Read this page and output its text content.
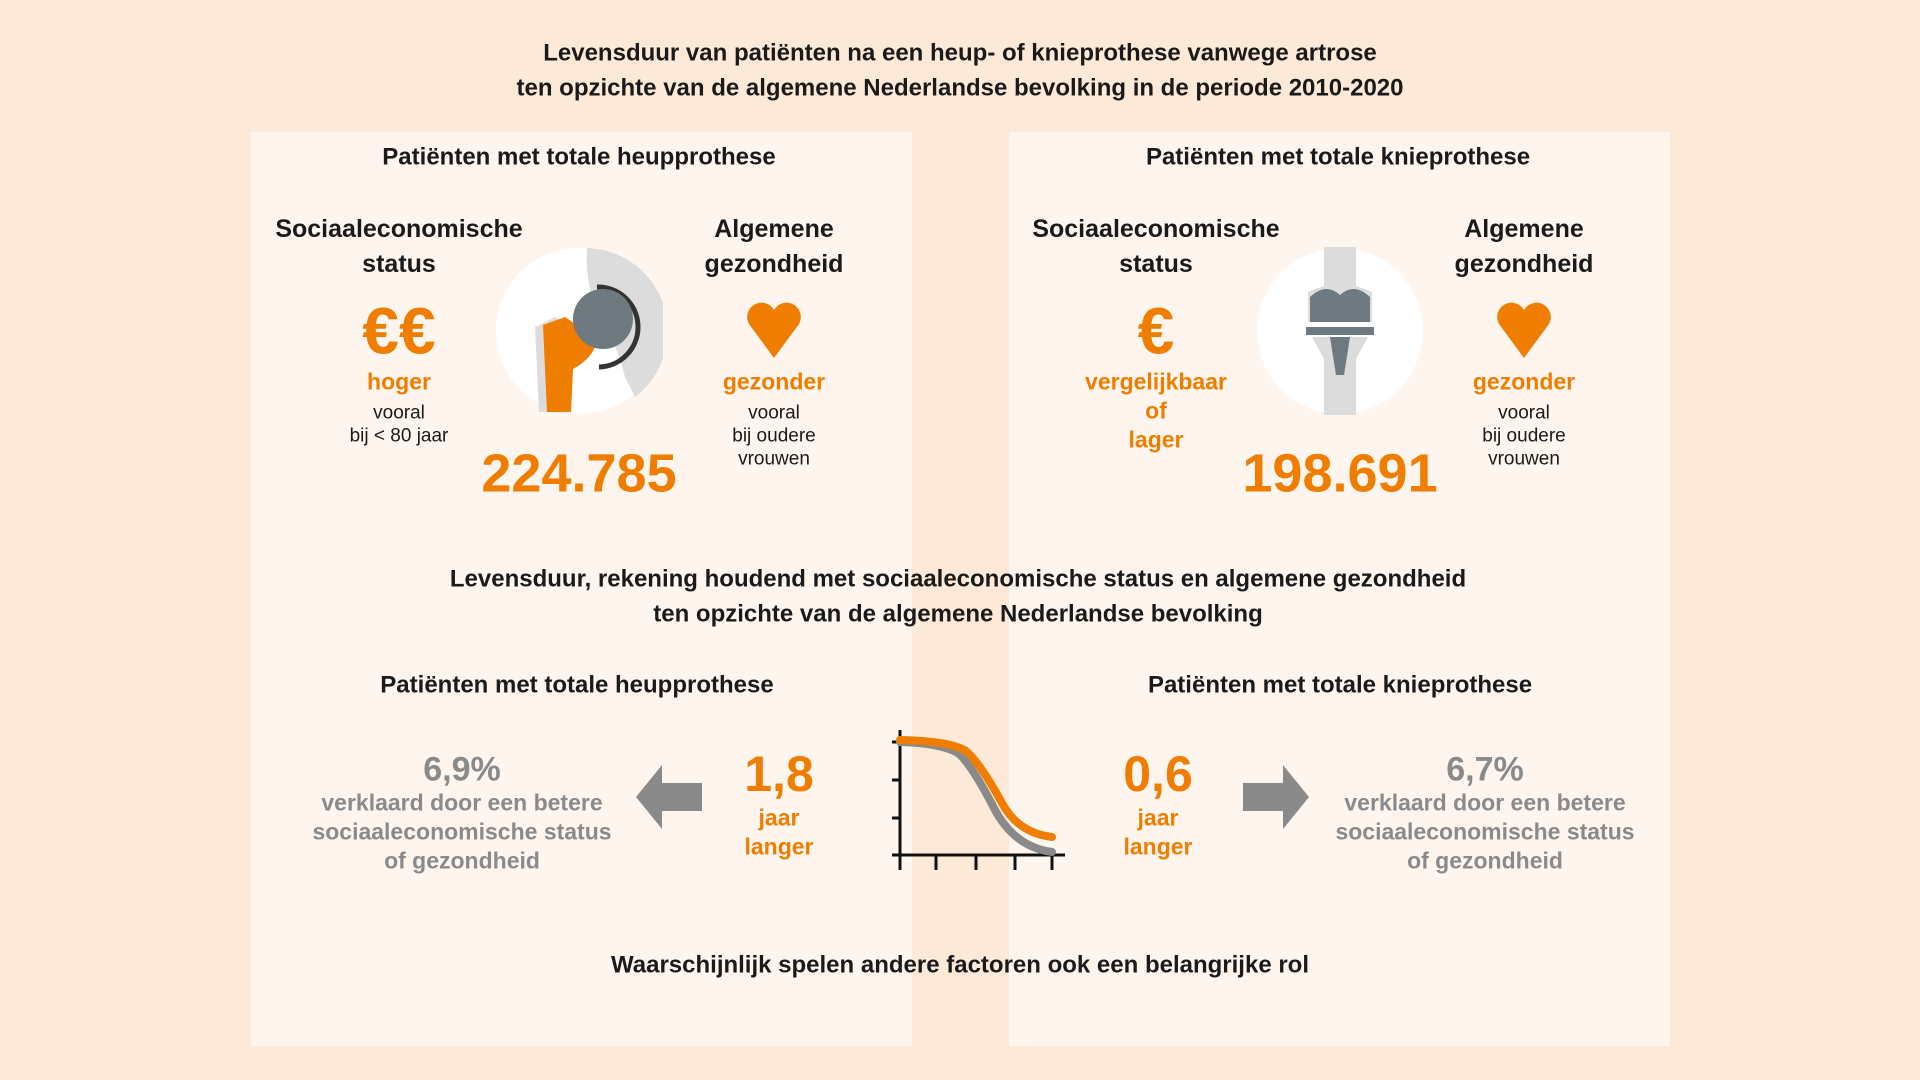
Levensduur van patiënten na een heup- of knieprothese vanwege artrose
ten opzichte van de algemene Nederlandse bevolking in de periode 2010-2020
Patiënten met totale heupprothese
Sociaaleconomische
status
€€
hoger
vooral
bij < 80 jaar
Algemene
gezondheid
gezonder
vooral
bij oudere
vrouwen
224.785
Patiënten met totale knieprothese
Sociaaleconomische
status
€
vergelijkbaar
of
lager
Algemene
gezondheid
gezonder
vooral
bij oudere
vrouwen
198.691
Levensduur, rekening houdend met sociaaleconomische status en algemene gezondheid
ten opzichte van de algemene Nederlandse bevolking
Patiënten met totale heupprothese
6,9%
verklaard door een betere
sociaaleconomische status
of gezondheid
1,8
jaar
langer
Patiënten met totale knieprothese
0,6
jaar
langer
6,7%
verklaard door een betere
sociaaleconomische status
of gezondheid
Waarschijnlijk spelen andere factoren ook een belangrijke rol
